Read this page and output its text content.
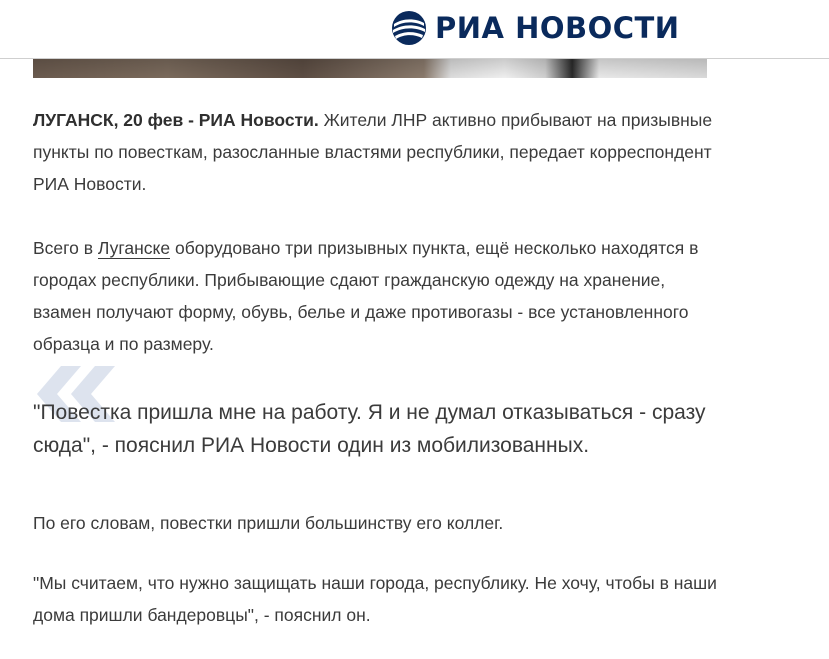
РИА НОВОСТИ

ЛУГАНСК, 20 фев - РИА Новости. Жители ЛНР активно прибывают на призывные пункты по повесткам, разосланные властями республики, передает корреспондент РИА Новости.

Всего в Луганске оборудовано три призывных пункта, ещё несколько находятся в городах республики. Прибывающие сдают гражданскую одежду на хранение, взамен получают форму, обувь, белье и даже противогазы - все установленного образца и по размеру.

"Повестка пришла мне на работу. Я и не думал отказываться - сразу сюда", - пояснил РИА Новости один из мобилизованных.

По его словам, повестки пришли большинству его коллег.

"Мы считаем, что нужно защищать наши города, республику. Не хочу, чтобы в наши дома пришли бандеровцы", - пояснил он.
